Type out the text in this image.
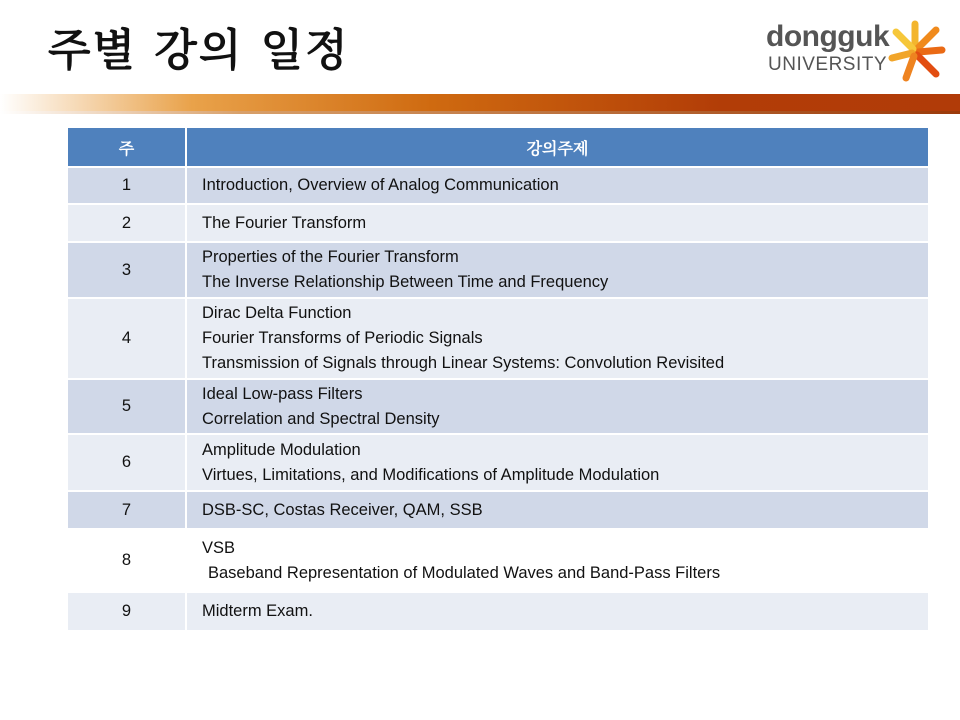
주별 강의 일정	dongguk
UNIVERSITY
주	강의주제
1	Introduction, Overview of Analog Communication

2	The Fourier Transform

3	Properties of the Fourier Transform
The Inverse Relationship Between Time and Frequency

4	Dirac Delta Function
Fourier Transforms of Periodic Signals
Transmission of Signals through Linear Systems: Convolution Revisited

5	Ideal Low-pass Filters
Correlation and Spectral Density

6	Amplitude Modulation
Virtues, Limitations, and Modifications of Amplitude Modulation

7	DSB-SC, Costas Receiver, QAM, SSB

8	VSB
Baseband Representation of Modulated Waves and Band-Pass Filters

9	Midterm Exam.
